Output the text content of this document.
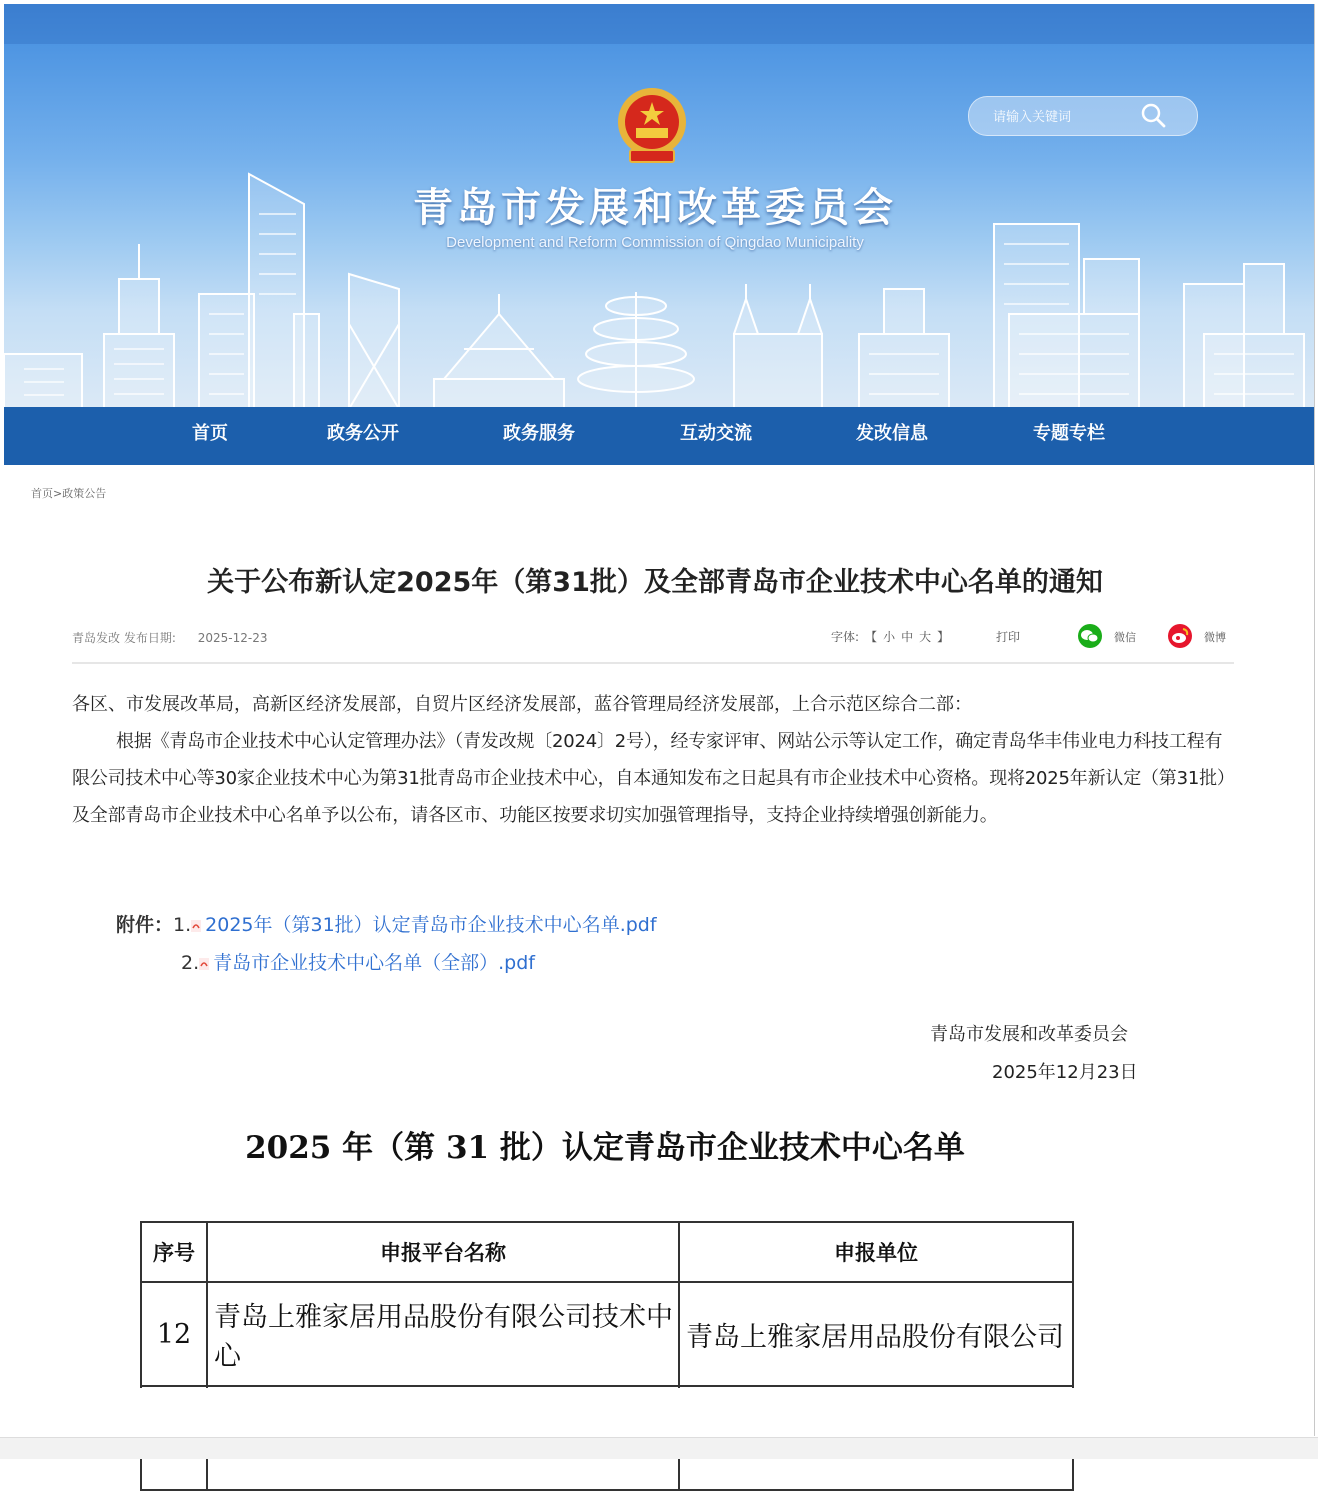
青岛市发展和改革委员会
Development and Reform Commission of Qingdao Municipality
请输入关键词
首页	政务公开	政务服务	互动交流	发改信息	专题专栏
首页>政策公告
关于公布新认定2025年（第31批）及全部青岛市企业技术中心名单的通知
青岛发改 发布日期: 2025-12-23	字体: 【 小 中 大 】	打印	微信	微博
各区、市发展改革局，高新区经济发展部，自贸片区经济发展部，蓝谷管理局经济发展部，上合示范区综合二部：
根据《青岛市企业技术中心认定管理办法》（青发改规〔2024〕2号），经专家评审、网站公示等认定工作，确定青岛华丰伟业电力科技工程有限公司技术中心等30家企业技术中心为第31批青岛市企业技术中心，自本通知发布之日起具有市企业技术中心资格。现将2025年新认定（第31批）及全部青岛市企业技术中心名单予以公布，请各区市、功能区按要求切实加强管理指导，支持企业持续增强创新能力。
附件：1. 2025年（第31批）认定青岛市企业技术中心名单.pdf
2. 青岛市企业技术中心名单（全部）.pdf
青岛市发展和改革委员会
2025年12月23日
2025 年（第 31 批）认定青岛市企业技术中心名单
序号	申报平台名称	申报单位
12	青岛上雅家居用品股份有限公司技术中心	青岛上雅家居用品股份有限公司
